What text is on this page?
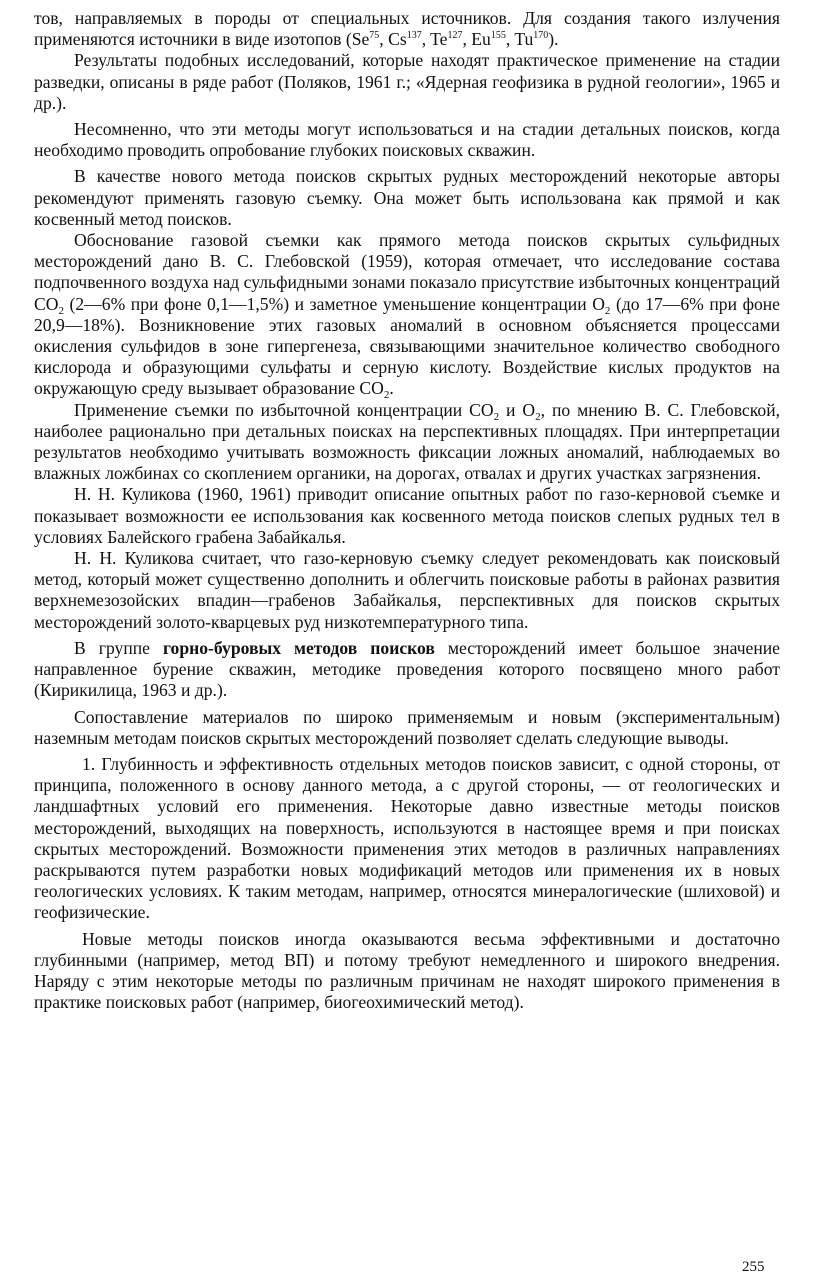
тов, направляемых в породы от специальных источников. Для создания такого излучения применяются источники в виде изотопов (Se$^{75}$, Cs$^{137}$, Te$^{127}$, Eu$^{155}$, Tu$^{170}$).

Результаты подобных исследований, которые находят практическое применение на стадии разведки, описаны в ряде работ (Поляков, 1961 г.; «Ядерная геофизика в рудной геологии», 1965 и др.).

Несомненно, что эти методы могут использоваться и на стадии детальных поисков, когда необходимо проводить опробование глубоких поисковых скважин.

В качестве нового метода поисков скрытых рудных месторождений некоторые авторы рекомендуют применять газовую съемку. Она может быть использована как прямой и как косвенный метод поисков.

Обоснование газовой съемки как прямого метода поисков скрытых сульфидных месторождений дано В. С. Глебовской (1959), которая отмечает, что исследование состава подпочвенного воздуха над сульфидными зонами показало присутствие избыточных концентраций $CO_2$ (2—6% при фоне 0,1—1,5%) и заметное уменьшение концентрации $O_2$ (до 17—6% при фоне 20,9—18%). Возникновение этих газовых аномалий в основном объясняется процессами окисления сульфидов в зоне гипергенеза, связывающими значительное количество свободного кислорода и образующими сульфаты и серную кислоту. Воздействие кислых продуктов на окружающую среду вызывает образование $CO_2$.

Применение съемки по избыточной концентрации $CO_2$ и $O_2$, по мнению В. С. Глебовской, наиболее рационально при детальных поисках на перспективных площадях. При интерпретации результатов необходимо учитывать возможность фиксации ложных аномалий, наблюдаемых во влажных ложбинах со скоплением органики, на дорогах, отвалах и других участках загрязнения.

Н. Н. Куликова (1960, 1961) приводит описание опытных работ по газо-керновой съемке и показывает возможности ее использования как косвенного метода поисков слепых рудных тел в условиях Балейского грабена Забайкалья.

Н. Н. Куликова считает, что газо-керновую съемку следует рекомендовать как поисковый метод, который может существенно дополнить и облегчить поисковые работы в районах развития верхнемезозойских впадин—грабенов Забайкалья, перспективных для поисков скрытых месторождений золото-кварцевых руд низкотемпературного типа.

В группе горно-буровых методов поисков месторождений имеет большое значение направленное бурение скважин, методике проведения которого посвящено много работ (Кирикилица, 1963 и др.).

Сопоставление материалов по широко применяемым и новым (экспериментальным) наземным методам поисков скрытых месторождений позволяет сделать следующие выводы.

1. Глубинность и эффективность отдельных методов поисков зависит, с одной стороны, от принципа, положенного в основу данного метода, а с другой стороны, — от геологических и ландшафтных условий его применения. Некоторые давно известные методы поисков месторождений, выходящих на поверхность, используются в настоящее время и при поисках скрытых месторождений. Возможности применения этих методов в различных направлениях раскрываются путем разработки новых модификаций методов или применения их в новых геологических условиях. К таким методам, например, относятся минералогические (шлиховой) и геофизические.

Новые методы поисков иногда оказываются весьма эффективными и достаточно глубинными (например, метод ВП) и потому требуют немедленного и широкого внедрения. Наряду с этим некоторые методы по различным причинам не находят широкого применения в практике поисковых работ (например, биогеохимический метод).

255
